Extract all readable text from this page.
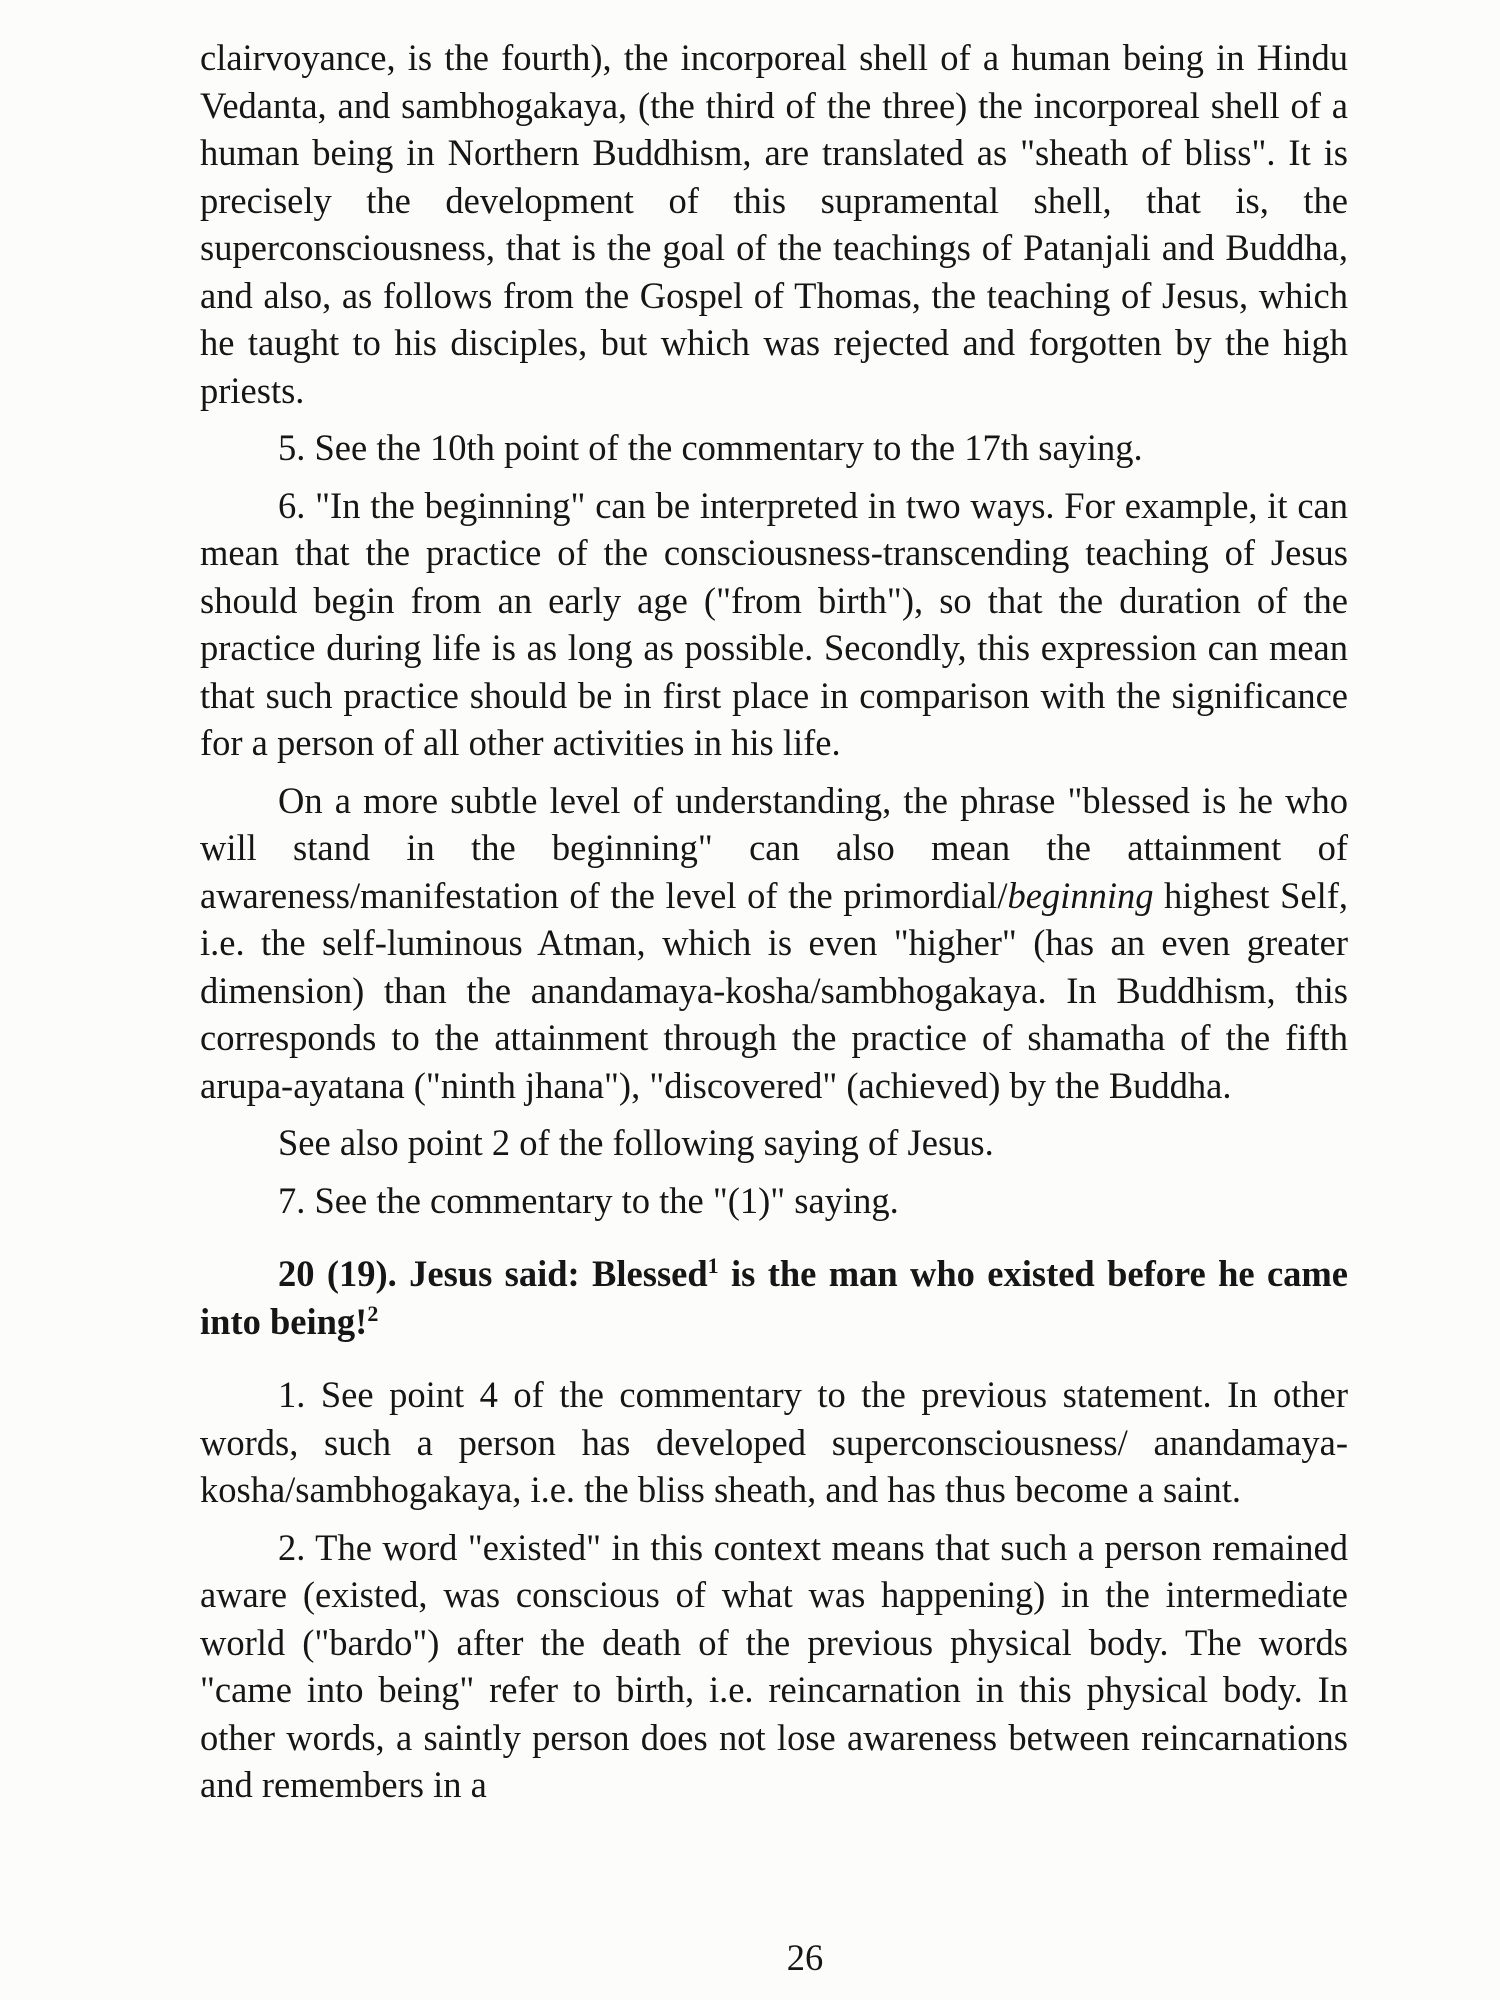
clairvoyance, is the fourth), the incorporeal shell of a human being in Hindu Vedanta, and sambhogakaya, (the third of the three) the incorporeal shell of a human being in Northern Buddhism, are translated as "sheath of bliss". It is precisely the development of this supramental shell, that is, the superconsciousness, that is the goal of the teachings of Patanjali and Buddha, and also, as follows from the Gospel of Thomas, the teaching of Jesus, which he taught to his disciples, but which was rejected and forgotten by the high priests.

5. See the 10th point of the commentary to the 17th saying.

6. "In the beginning" can be interpreted in two ways. For example, it can mean that the practice of the consciousness-transcending teaching of Jesus should begin from an early age ("from birth"), so that the duration of the practice during life is as long as possible. Secondly, this expression can mean that such practice should be in first place in comparison with the significance for a person of all other activities in his life.

On a more subtle level of understanding, the phrase "blessed is he who will stand in the beginning" can also mean the attainment of awareness/manifestation of the level of the primordial/beginning highest Self, i.e. the self-luminous Atman, which is even "higher" (has an even greater dimension) than the anandamaya-kosha/sambhogakaya. In Buddhism, this corresponds to the attainment through the practice of shamatha of the fifth arupa-ayatana ("ninth jhana"), "discovered" (achieved) by the Buddha.

See also point 2 of the following saying of Jesus.

7. See the commentary to the "(1)" saying.

20 (19). Jesus said: Blessed$^1$ is the man who existed before he came into being!$^2$

1. See point 4 of the commentary to the previous statement. In other words, such a person has developed superconsciousness/ anandamaya-kosha/sambhogakaya, i.e. the bliss sheath, and has thus become a saint.

2. The word "existed" in this context means that such a person remained aware (existed, was conscious of what was happening) in the intermediate world ("bardo") after the death of the previous physical body. The words "came into being" refer to birth, i.e. reincarnation in this physical body. In other words, a saintly person does not lose awareness between reincarnations and remembers in a

26
